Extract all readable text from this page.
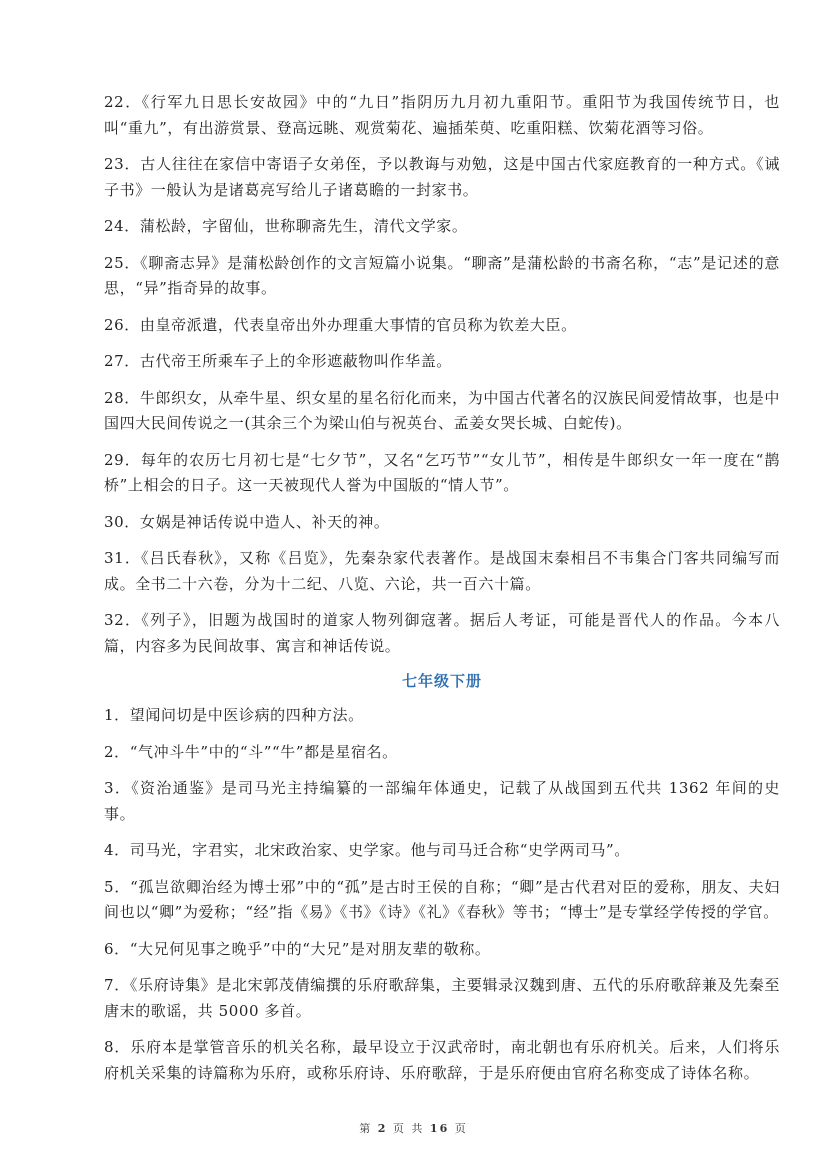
22．《行军九日思长安故园》中的“九日”指阴历九月初九重阳节。重阳节为我国传统节日，也叫“重九”，有出游赏景、登高远眺、观赏菊花、遍插茱萸、吃重阳糕、饮菊花酒等习俗。

23．古人往往在家信中寄语子女弟侄，予以教诲与劝勉，这是中国古代家庭教育的一种方式。《诫子书》一般认为是诸葛亮写给儿子诸葛瞻的一封家书。

24．蒲松龄，字留仙，世称聊斋先生，清代文学家。

25．《聊斋志异》是蒲松龄创作的文言短篇小说集。“聊斋”是蒲松龄的书斋名称，“志”是记述的意思，“异”指奇异的故事。

26．由皇帝派遣，代表皇帝出外办理重大事情的官员称为钦差大臣。

27．古代帝王所乘车子上的伞形遮蔽物叫作华盖。

28．牛郎织女，从牵牛星、织女星的星名衍化而来，为中国古代著名的汉族民间爱情故事，也是中国四大民间传说之一(其余三个为梁山伯与祝英台、孟姜女哭长城、白蛇传)。

29．每年的农历七月初七是“七夕节”，又名“乞巧节”“女儿节”，相传是牛郎织女一年一度在“鹊桥”上相会的日子。这一天被现代人誉为中国版的“情人节”。

30．女娲是神话传说中造人、补天的神。

31．《吕氏春秋》，又称《吕览》，先秦杂家代表著作。是战国末秦相吕不韦集合门客共同编写而成。全书二十六卷，分为十二纪、八览、六论，共一百六十篇。

32．《列子》，旧题为战国时的道家人物列御寇著。据后人考证，可能是晋代人的作品。今本八篇，内容多为民间故事、寓言和神话传说。

七年级下册

1．望闻问切是中医诊病的四种方法。

2．“气冲斗牛”中的“斗”“牛”都是星宿名。

3．《资治通鉴》是司马光主持编纂的一部编年体通史，记载了从战国到五代共 1362 年间的史事。

4．司马光，字君实，北宋政治家、史学家。他与司马迁合称“史学两司马”。

5．“孤岂欲卿治经为博士邪”中的“孤”是古时王侯的自称；“卿”是古代君对臣的爱称，朋友、夫妇间也以“卿”为爱称；“经”指《易》《书》《诗》《礼》《春秋》等书；“博士”是专掌经学传授的学官。

6．“大兄何见事之晚乎”中的“大兄”是对朋友辈的敬称。

7．《乐府诗集》是北宋郭茂倩编撰的乐府歌辞集，主要辑录汉魏到唐、五代的乐府歌辞兼及先秦至唐末的歌谣，共 5000 多首。

8．乐府本是掌管音乐的机关名称，最早设立于汉武帝时，南北朝也有乐府机关。后来，人们将乐府机关采集的诗篇称为乐府，或称乐府诗、乐府歌辞，于是乐府便由官府名称变成了诗体名称。

第 2 页 共 16 页
